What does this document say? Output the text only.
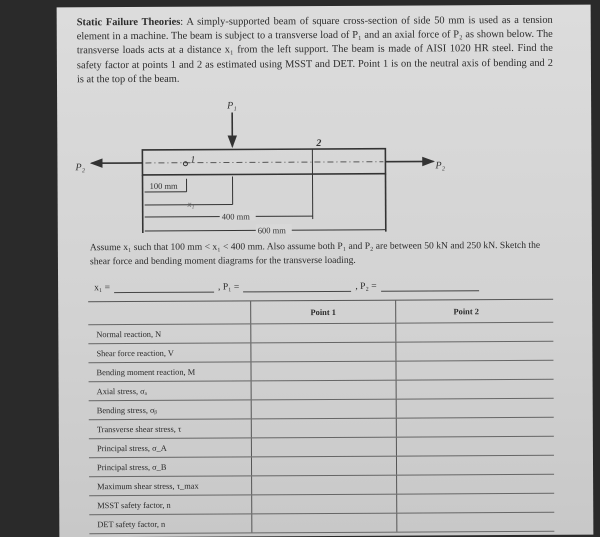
Static Failure Theories: A simply-supported beam of square cross-section of side 50 mm is used as a tension element in a machine. The beam is subject to a transverse load of P₁ and an axial force of P₂ as shown below. The transverse loads acts at a distance x₁ from the left support. The beam is made of AISI 1020 HR steel. Find the safety factor at points 1 and 2 as estimated using MSST and DET. Point 1 is on the neutral axis of bending and 2 is at the top of the beam.
P₁
P₂	P₂
1
2
100 mm
x₁
400 mm
600 mm
Assume x₁ such that 100 mm < x₁ < 400 mm. Also assume both P₁ and P₂ are between 50 kN and 250 kN. Sketch the shear force and bending moment diagrams for the transverse loading.
x₁ =	, P₁ =	, P₂ =
Point 1	Point 2
Normal reaction, N
Shear force reaction, V
Bending moment reaction, M
Axial stress, σₐ
Bending stress, σᵦ
Transverse shear stress, τ
Principal stress, σ_A
Principal stress, σ_B
Maximum shear stress, τ_max
MSST safety factor, n
DET safety factor, n
